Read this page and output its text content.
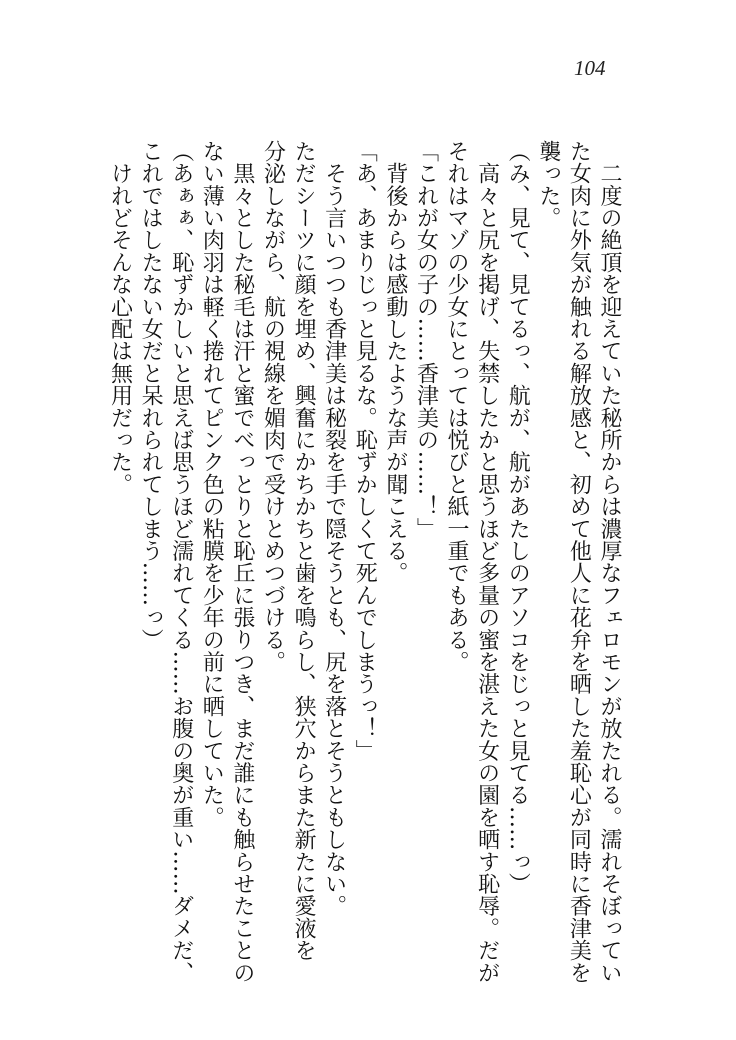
104

　二度の絶頂を迎えていた秘所からは濃厚なフェロモンが放たれる。濡れそぼってい

た女肉に外気が触れる解放感と、初めて他人に花弁を晒した羞恥心が同時に香津美を

襲った。

（み、見て、見てるっ、航が、航があたしのアソコをじっと見てる……っ）

　高々と尻を掲げ、失禁したかと思うほど多量の蜜を湛えた女の園を晒す恥辱。だが

それはマゾの少女にとっては悦びと紙一重でもある。

「これが女の子の……香津美の……！」

　背後からは感動したような声が聞こえる。

「あ、あまりじっと見るな。恥ずかしくて死んでしまうっ！」

　そう言いつつも香津美は秘裂を手で隠そうとも、尻を落とそうともしない。

ただシーツに顔を埋め、興奮にかちかちと歯を鳴らし、狭穴からまた新たに愛液を

分泌しながら、航の視線を媚肉で受けとめつづける。

　黒々とした秘毛は汗と蜜でべっとりと恥丘に張りつき、まだ誰にも触らせたことの

ない薄い肉羽は軽く捲れてピンク色の粘膜を少年の前に晒していた。

（あぁぁ、恥ずかしいと思えば思うほど濡れてくる……お腹の奥が重い……ダメだ、

これではしたない女だと呆れられてしまう……っ）

　けれどそんな心配は無用だった。
